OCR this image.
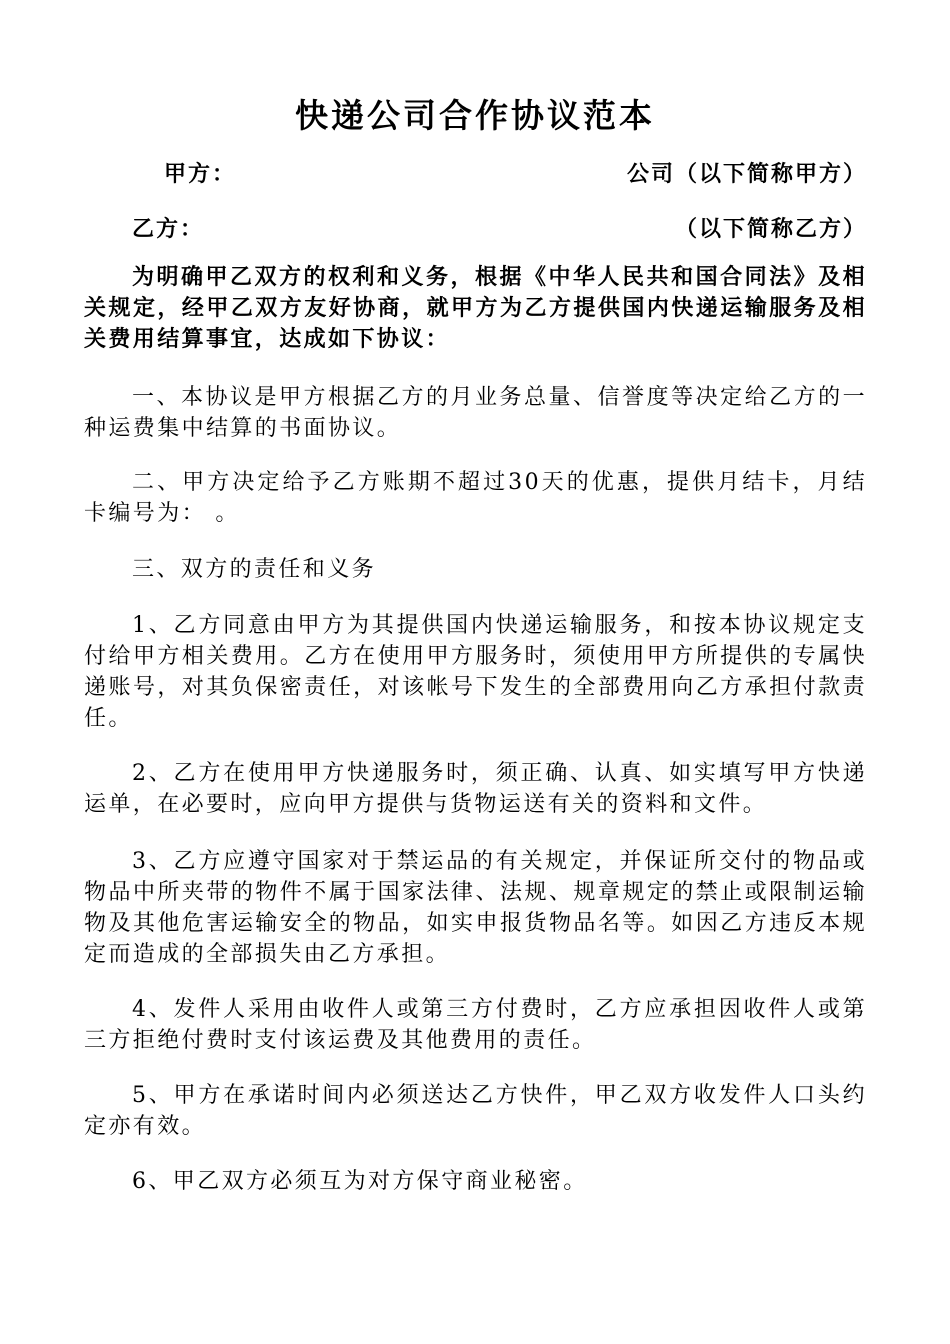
快递公司合作协议范本
甲方：	公司（以下简称甲方）
乙方：	（以下简称乙方）

为明确甲乙双方的权利和义务，根据《中华人民共和国合同法》及相关规定，经甲乙双方友好协商，就甲方为乙方提供国内快递运输服务及相关费用结算事宜，达成如下协议：

一、本协议是甲方根据乙方的月业务总量、信誉度等决定给乙方的一种运费集中结算的书面协议。

二、甲方决定给予乙方账期不超过30天的优惠，提供月结卡，月结卡编号为： 。

三、双方的责任和义务

1、乙方同意由甲方为其提供国内快递运输服务，和按本协议规定支付给甲方相关费用。乙方在使用甲方服务时，须使用甲方所提供的专属快递账号，对其负保密责任，对该帐号下发生的全部费用向乙方承担付款责任。

2、乙方在使用甲方快递服务时，须正确、认真、如实填写甲方快递运单，在必要时，应向甲方提供与货物运送有关的资料和文件。

3、乙方应遵守国家对于禁运品的有关规定，并保证所交付的物品或物品中所夹带的物件不属于国家法律、法规、规章规定的禁止或限制运输物及其他危害运输安全的物品，如实申报货物品名等。如因乙方违反本规定而造成的全部损失由乙方承担。

4、发件人采用由收件人或第三方付费时，乙方应承担因收件人或第三方拒绝付费时支付该运费及其他费用的责任。

5、甲方在承诺时间内必须送达乙方快件，甲乙双方收发件人口头约定亦有效。

6、甲乙双方必须互为对方保守商业秘密。
